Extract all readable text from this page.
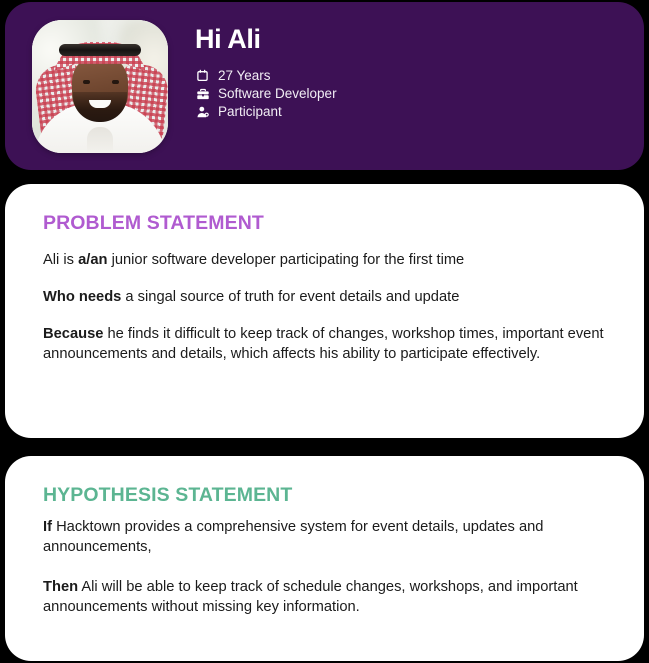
Hi Ali
27 Years
Software Developer
Participant
PROBLEM STATEMENT

Ali is a/an junior software developer participating for the first time

Who needs a singal source of truth for event details and update

Because he finds it difficult to keep track of changes, workshop times, important event announcements and details, which affects his ability to participate effectively.

HYPOTHESIS STATEMENT

If Hacktown provides a comprehensive system for event details, updates and announcements,

Then Ali will be able to keep track of schedule changes, workshops, and important announcements without missing key information.
